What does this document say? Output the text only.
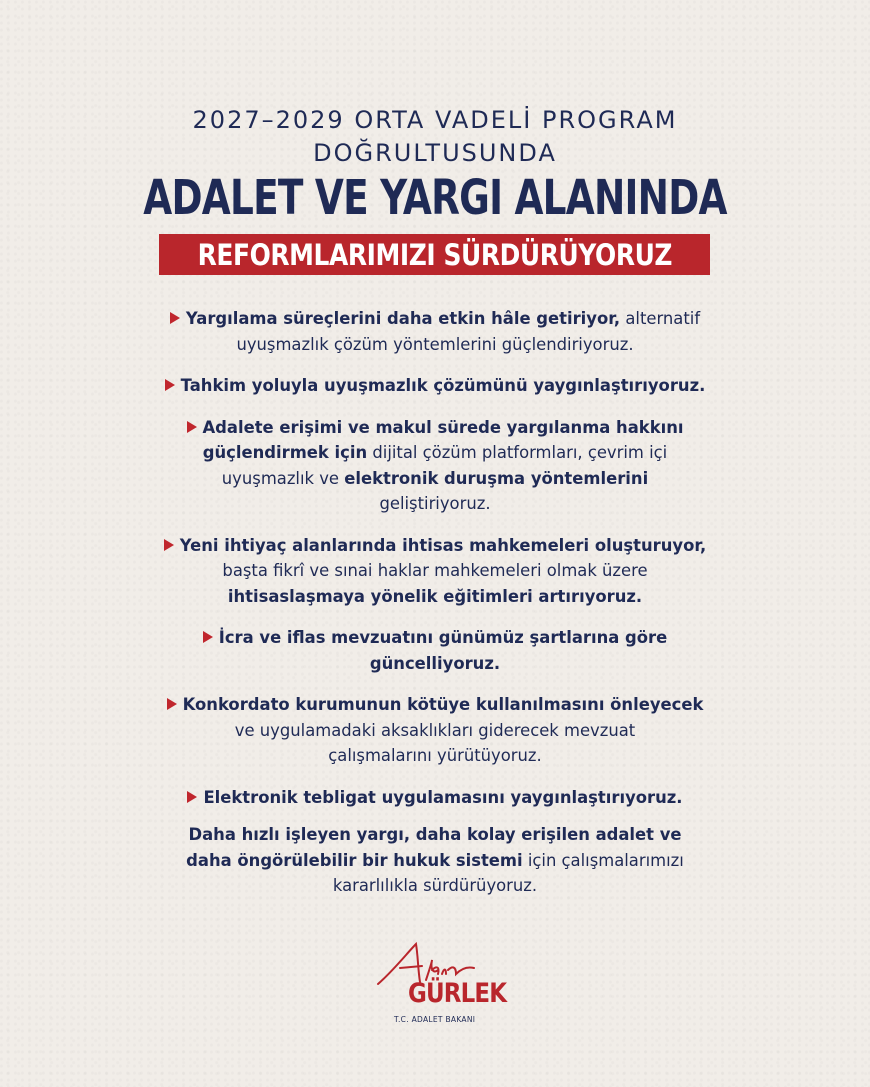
2027–2029 ORTA VADELİ PROGRAM
DOĞRULTUSUNDA
ADALET VE YARGI ALANINDA
REFORMLARIMIZI SÜRDÜRÜYORUZ
Yargılama süreçlerini daha etkin hâle getiriyor, alternatif
uyuşmazlık çözüm yöntemlerini güçlendiriyoruz.
Tahkim yoluyla uyuşmazlık çözümünü yaygınlaştırıyoruz.
Adalete erişimi ve makul sürede yargılanma hakkını
güçlendirmek için dijital çözüm platformları, çevrim içi
uyuşmazlık ve elektronik duruşma yöntemlerini
geliştiriyoruz.
Yeni ihtiyaç alanlarında ihtisas mahkemeleri oluşturuyor,
başta fikrî ve sınai haklar mahkemeleri olmak üzere
ihtisaslaşmaya yönelik eğitimleri artırıyoruz.
İcra ve iflas mevzuatını günümüz şartlarına göre
güncelliyoruz.
Konkordato kurumunun kötüye kullanılmasını önleyecek
ve uygulamadaki aksaklıkları giderecek mevzuat
çalışmalarını yürütüyoruz.
Elektronik tebligat uygulamasını yaygınlaştırıyoruz.
Daha hızlı işleyen yargı, daha kolay erişilen adalet ve
daha öngörülebilir bir hukuk sistemi için çalışmalarımızı
kararlılıkla sürdürüyoruz.
GÜRLEK
T.C. ADALET BAKANI
